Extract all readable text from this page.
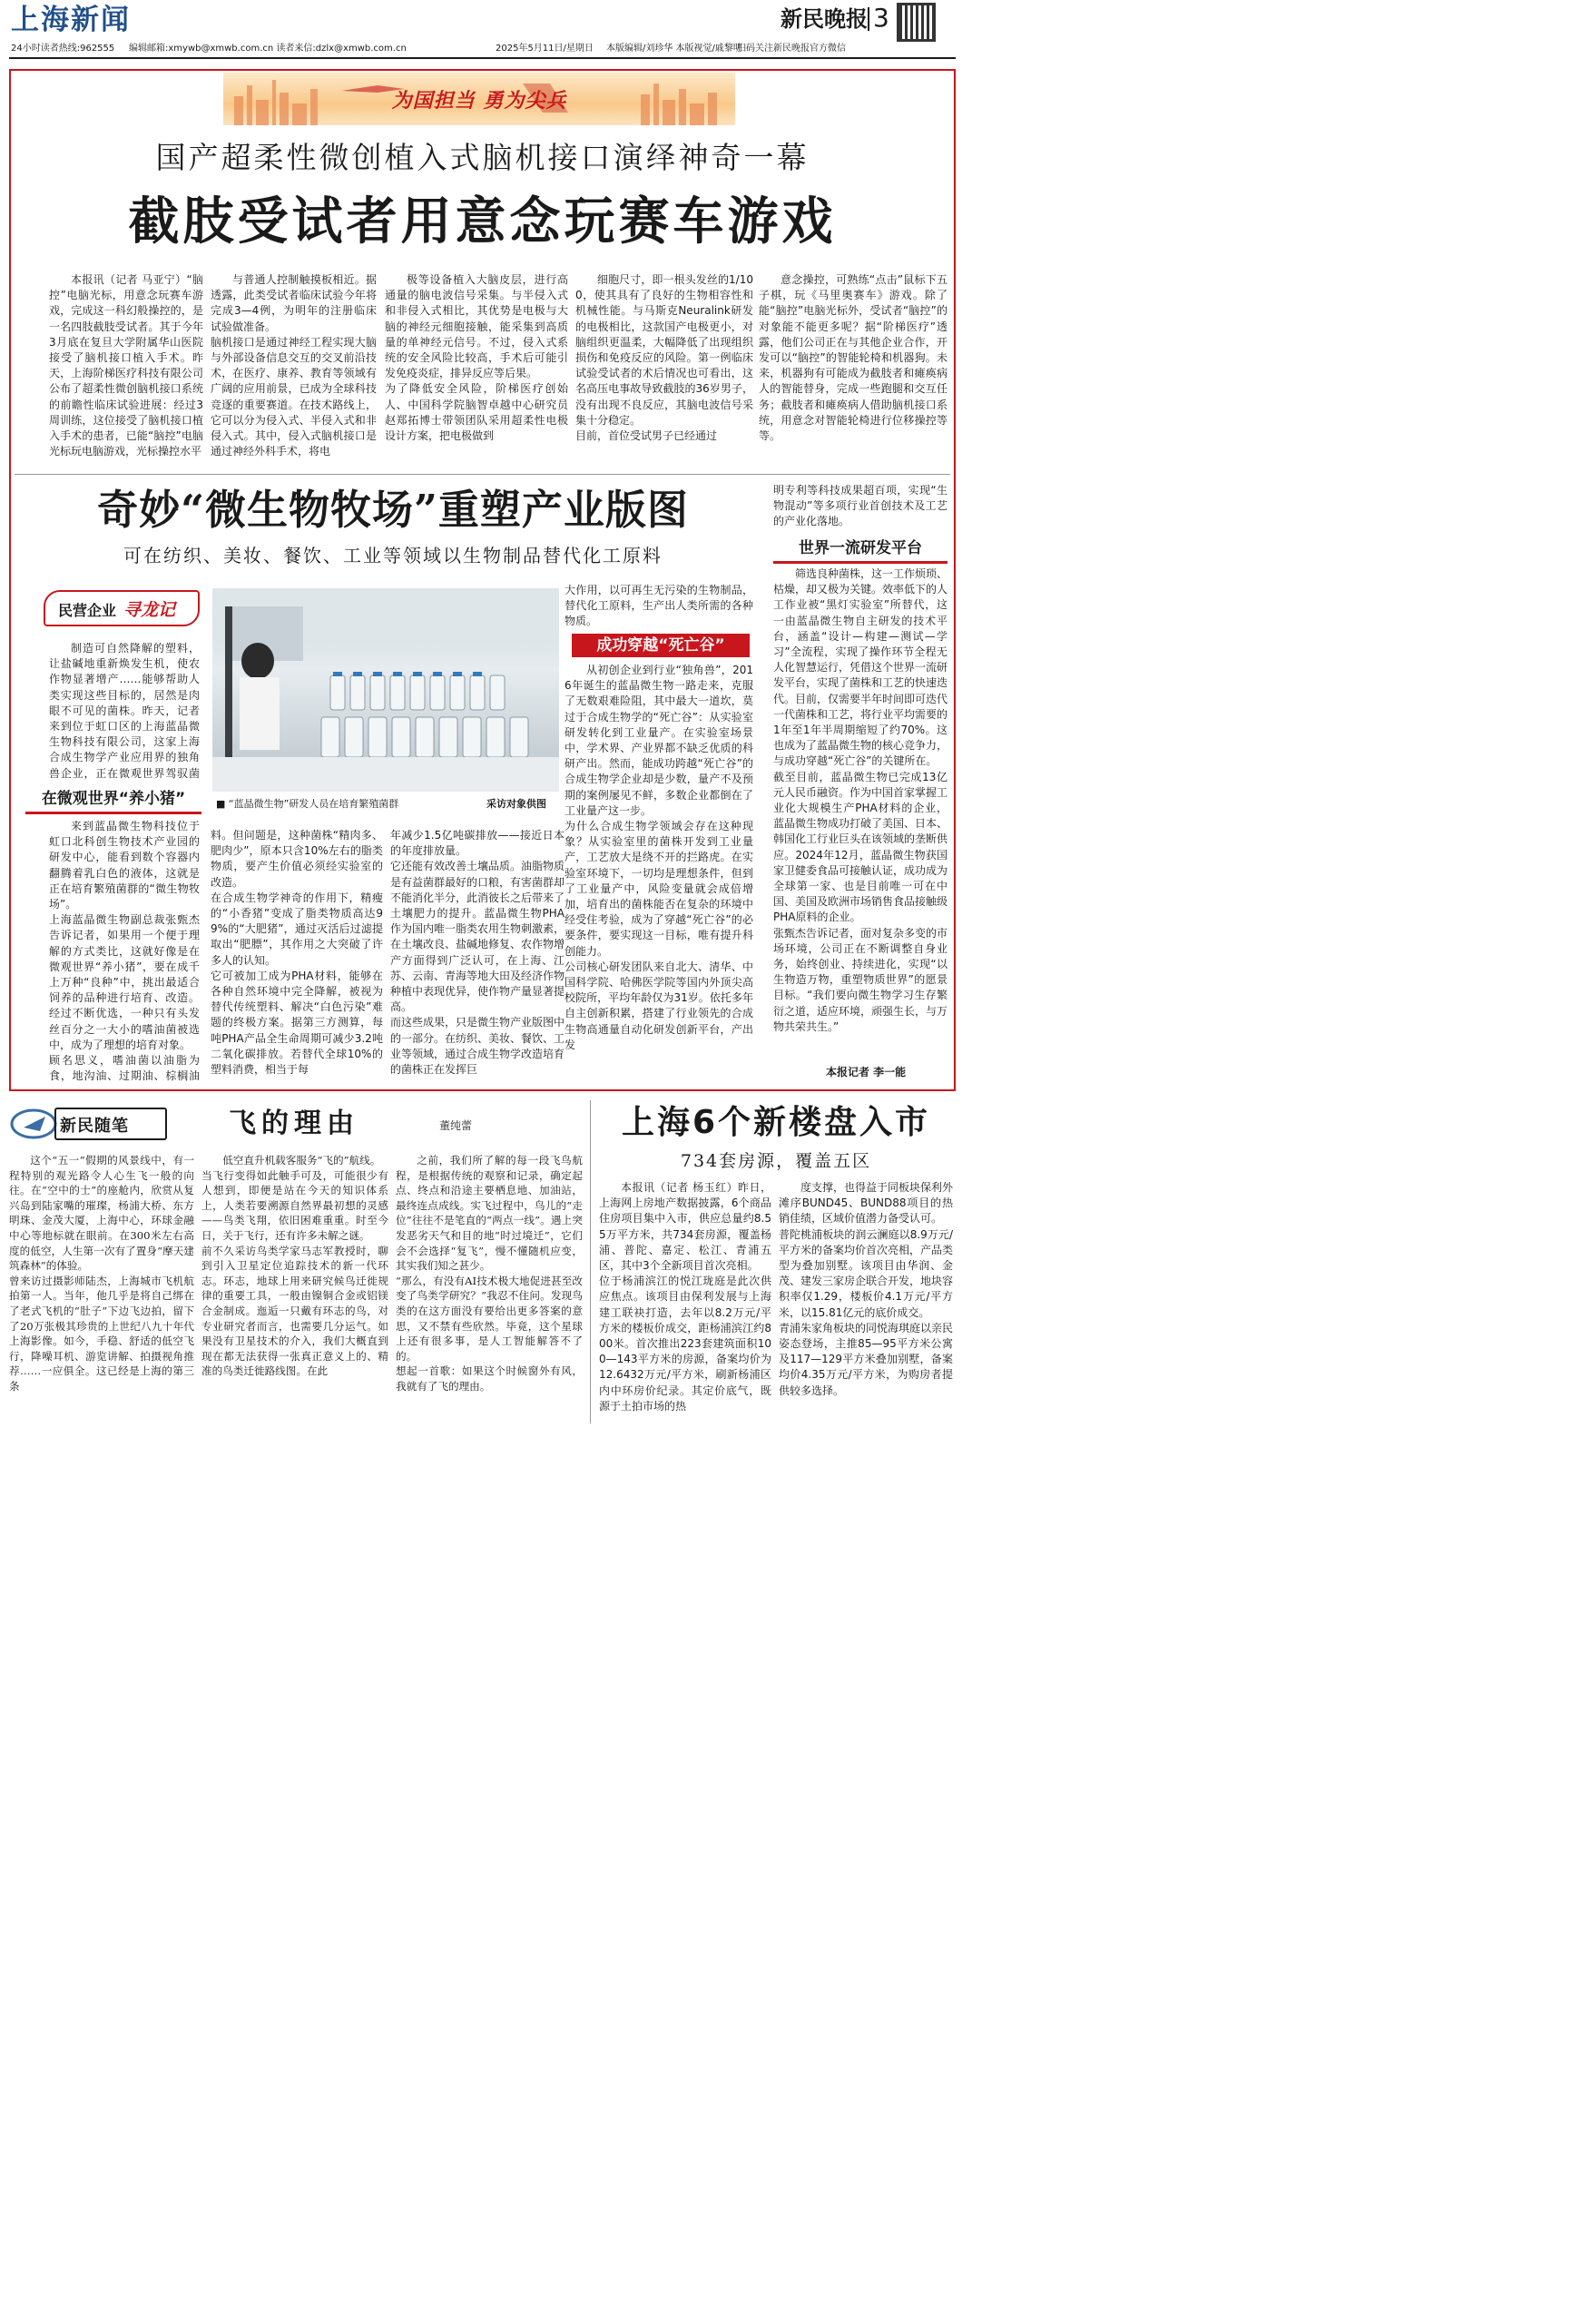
上海新闻	新民晚报 3
24小时读者热线:962555 编辑邮箱:xmywb@xmwb.com.cn 读者来信:dzlx@xmwb.com.cn	2025年5月11日/星期日 本版编辑/刘珍华 本版视觉/戚黎明
扫码关注新民晚报官方微信
为国担当 勇为尖兵
国产超柔性微创植入式脑机接口演绎神奇一幕
截肢受试者用意念玩赛车游戏
本报讯（记者 马亚宁）“脑控”电脑光标，用意念玩赛车游戏，完成这一科幻般操控的，是一名四肢截肢受试者。其于今年3月底在复旦大学附属华山医院接受了脑机接口植入手术。昨天，上海阶梯医疗科技有限公司公布了超柔性微创脑机接口系统的前瞻性临床试验进展：经过3周训练，这位接受了脑机接口植入手术的患者，已能“脑控”电脑光标玩电脑游戏，光标操控水平
与普通人控制触摸板相近。据透露，此类受试者临床试验今年将完成3—4例，为明年的注册临床试验做准备。
脑机接口是通过神经工程实现大脑与外部设备信息交互的交叉前沿技术，在医疗、康养、教育等领域有广阔的应用前景，已成为全球科技竞逐的重要赛道。在技术路线上，它可以分为侵入式、半侵入式和非侵入式。其中，侵入式脑机接口是通过神经外科手术，将电
极等设备植入大脑皮层，进行高通量的脑电波信号采集。与半侵入式和非侵入式相比，其优势是电极与大脑的神经元细胞接触，能采集到高质量的单神经元信号。不过，侵入式系统的安全风险比较高，手术后可能引发免疫炎症，排异反应等后果。
为了降低安全风险，阶梯医疗创始人、中国科学院脑智卓越中心研究员赵郑拓博士带领团队采用超柔性电极设计方案，把电极做到
细胞尺寸，即一根头发丝的1/100，使其具有了良好的生物相容性和机械性能。与马斯克Neuralink研发的电极相比，这款国产电极更小，对脑组织更温柔，大幅降低了出现组织损伤和免疫反应的风险。第一例临床试验受试者的术后情况也可看出，这名高压电事故导致截肢的36岁男子，没有出现不良反应，其脑电波信号采集十分稳定。
目前，首位受试男子已经通过
意念操控，可熟练“点击”鼠标下五子棋，玩《马里奥赛车》游戏。除了能“脑控”电脑光标外，受试者“脑控”的对象能不能更多呢？据“阶梯医疗”透露，他们公司正在与其他企业合作，开发可以“脑控”的智能轮椅和机器狗。未来，机器狗有可能成为截肢者和瘫痪病人的智能替身，完成一些跑腿和交互任务；截肢者和瘫痪病人借助脑机接口系统，用意念对智能轮椅进行位移操控等等。
奇妙“微生物牧场”重塑产业版图
可在纺织、美妆、餐饮、工业等领域以生物制品替代化工原料
民营企业 寻龙记
制造可自然降解的塑料，让盐碱地重新焕发生机，使农作物显著增产……能够帮助人类实现这些目标的，居然是肉眼不可见的菌株。昨天，记者来到位于虹口区的上海蓝晶微生物科技有限公司，这家上海合成生物学产业应用界的独角兽企业，正在微观世界驾驭菌
在微观世界“养小猪”
来到蓝晶微生物科技位于虹口北科创生物技术产业园的研发中心，能看到数个容器内翻腾着乳白色的液体，这就是正在培育繁殖菌群的“微生物牧场”。
上海蓝晶微生物副总裁张甄杰告诉记者，如果用一个便于理解的方式类比，这就好像是在微观世界“养小猪”，要在成千上万种“良种”中，挑出最适合饲养的品种进行培育、改造。经过不断优选，一种只有头发丝百分之一大小的嗜油菌被选中，成为了理想的培育对象。
顾名思义，嗜油菌以油脂为食，地沟油、过期油、棕榈油
■ “蓝晶微生物”研发人员在培育繁殖菌群	采访对象供图
料。但问题是，这种菌株“精肉多、肥肉少”，原本只含10%左右的脂类物质，要产生价值必须经实验室的改造。
在合成生物学神奇的作用下，精瘦的“小香猪”变成了脂类物质高达99%的“大肥猪”，通过灭活后过滤提取出“肥膘”，其作用之大突破了许多人的认知。
它可被加工成为PHA材料，能够在各种自然环境中完全降解，被视为替代传统塑料、解决“白色污染”难题的终极方案。据第三方测算，每吨PHA产品全生命周期可减少3.2吨二氧化碳排放。若替代全球10%的塑料消费，相当于每
年减少1.5亿吨碳排放——接近日本的年度排放量。
它还能有效改善土壤品质。油脂物质是有益菌群最好的口粮，有害菌群却不能消化半分，此消彼长之后带来了土壤肥力的提升。蓝晶微生物PHA作为国内唯一脂类农用生物刺激素，在土壤改良、盐碱地修复、农作物增产方面得到广泛认可，在上海、江苏、云南、青海等地大田及经济作物种植中表现优异，使作物产量显著提高。
而这些成果，只是微生物产业版图中的一部分。在纺织、美妆、餐饮、工业等领域，通过合成生物学改造培育的菌株正在发挥巨
大作用，以可再生无污染的生物制品，替代化工原料，生产出人类所需的各种物质。
成功穿越“死亡谷”
从初创企业到行业“独角兽”，2016年诞生的蓝晶微生物一路走来，克服了无数艰难险阻，其中最大一道坎，莫过于合成生物学的“死亡谷”：从实验室研发转化到工业量产。在实验室场景中，学术界、产业界都不缺乏优质的科研产出。然而，能成功跨越“死亡谷”的合成生物学企业却是少数，量产不及预期的案例屡见不鲜，多数企业都倒在了工业量产这一步。
为什么合成生物学领域会存在这种现象？从实验室里的菌株开发到工业量产，工艺放大是绕不开的拦路虎。在实验室环境下，一切均是理想条件，但到了工业量产中，风险变量就会成倍增加，培育出的菌株能否在复杂的环境中经受住考验，成为了穿越“死亡谷”的必要条件，要实现这一目标，唯有提升科创能力。
公司核心研发团队来自北大、清华、中国科学院、哈佛医学院等国内外顶尖高校院所，平均年龄仅为31岁。依托多年自主创新积累，搭建了行业领先的合成生物高通量自动化研发创新平台，产出发
明专利等科技成果超百项，实现“生物混动”等多项行业首创技术及工艺的产业化落地。
世界一流研发平台
筛选良种菌株，这一工作烦琐、枯燥，却又极为关键。效率低下的人工作业被“黑灯实验室”所替代，这一由蓝晶微生物自主研发的技术平台，涵盖“设计—构建—测试—学习”全流程，实现了操作环节全程无人化智慧运行，凭借这个世界一流研发平台，实现了菌株和工艺的快速迭代。目前，仅需要半年时间即可迭代一代菌株和工艺，将行业平均需要的1年至1年半周期缩短了约70%。这也成为了蓝晶微生物的核心竞争力，与成功穿越“死亡谷”的关键所在。
截至目前，蓝晶微生物已完成13亿元人民币融资。作为中国首家掌握工业化大规模生产PHA材料的企业，蓝晶微生物成功打破了美国、日本、韩国化工行业巨头在该领域的垄断供应。2024年12月，蓝晶微生物获国家卫健委食品可接触认证，成功成为全球第一家、也是目前唯一可在中国、美国及欧洲市场销售食品接触级PHA原料的企业。
张甄杰告诉记者，面对复杂多变的市场环境，公司正在不断调整自身业务，始终创业、持续进化，实现“以生物造万物，重塑物质世界”的愿景目标。“我们要向微生物学习生存繁衍之道，适应环境，顽强生长，与万物共荣共生。”
本报记者 李一能
新民随笔	飞的理由	董纯蕾
这个“五一”假期的风景线中，有一程特别的观光路令人心生飞一般的向往。在“空中的士”的座舱内，欣赏从复兴岛到陆家嘴的璀璨，杨浦大桥、东方明珠、金茂大厦，上海中心，环球金融中心等地标就在眼前。在300米左右高度的低空，人生第一次有了置身“摩天建筑森林”的体验。
曾来访过摄影师陆杰，上海城市飞机航拍第一人。当年，他几乎是将自己绑在了老式飞机的“肚子”下边飞边拍，留下了20万张极其珍贵的上世纪八九十年代上海影像。如今，手稳、舒适的低空飞行，降噪耳机、游览讲解、拍摄视角推荐……一应俱全。这已经是上海的第三条
低空直升机载客服务“飞的”航线。
当飞行变得如此触手可及，可能很少有人想到，即便是站在今天的知识体系上，人类若要溯源自然界最初想的灵感——鸟类飞翔，依旧困难重重。时至今日，关于飞行，还有许多未解之谜。
前不久采访鸟类学家马志军教授时，聊到引入卫星定位追踪技术的新一代环志。环志，地球上用来研究候鸟迁徙规律的重要工具，一般由镍铜合金或铝镁合金制成。迤逅一只戴有环志的鸟，对专业研究者而言，也需要几分运气。如果没有卫星技术的介入，我们大概直到现在都无法获得一张真正意义上的、精准的鸟类迁徙路线图。在此
之前，我们所了解的每一段飞鸟航程，是根据传统的观察和记录，确定起点、终点和沿途主要栖息地、加油站，最终连点成线。实飞过程中，鸟儿的“走位”往往不是笔直的“两点一线”。遇上突发恶劣天气和目的地“时过境迁”，它们会不会选择“复飞”，慢不懂随机应变，其实我们知之甚少。
“那么，有没有AI技术极大地促进甚至改变了鸟类学研究？”我忍不住问。发现鸟类的在这方面没有要给出更多答案的意思，又不禁有些欣然。毕竟，这个星球上还有很多事，是人工智能解答不了的。
想起一首歌：如果这个时候窗外有风，我就有了飞的理由。
上海6个新楼盘入市
734套房源，覆盖五区
本报讯（记者 杨玉红）昨日，上海网上房地产数据披露，6个商品住房项目集中入市，供应总量约8.55万平方米，共734套房源，覆盖杨浦、普陀、嘉定、松江、青浦五区，其中3个全新项目首次亮相。
位于杨浦滨江的悦江珑庭是此次供应焦点。该项目由保利发展与上海建工联袂打造，去年以8.2万元/平方米的楼板价成交，距杨浦滨江约800米。首次推出223套建筑面积100—143平方米的房源，备案均价为12.6432万元/平方米，刷新杨浦区内中环房价纪录。其定价底气，既源于土拍市场的热
度支撑，也得益于同板块保利外滩序BUND45、BUND88项目的热销佳绩，区域价值潜力备受认可。
普陀桃浦板块的润云澜庭以8.9万元/平方米的备案均价首次亮相，产品类型为叠加别墅。该项目由华润、金茂、建发三家房企联合开发，地块容积率仅1.29，楼板价4.1万元/平方米，以15.81亿元的底价成交。
青浦朱家角板块的同悦海琪庭以亲民姿态登场，主推85—95平方米公寓及117—129平方米叠加别墅，备案均价4.35万元/平方米，为购房者提供较多选择。
